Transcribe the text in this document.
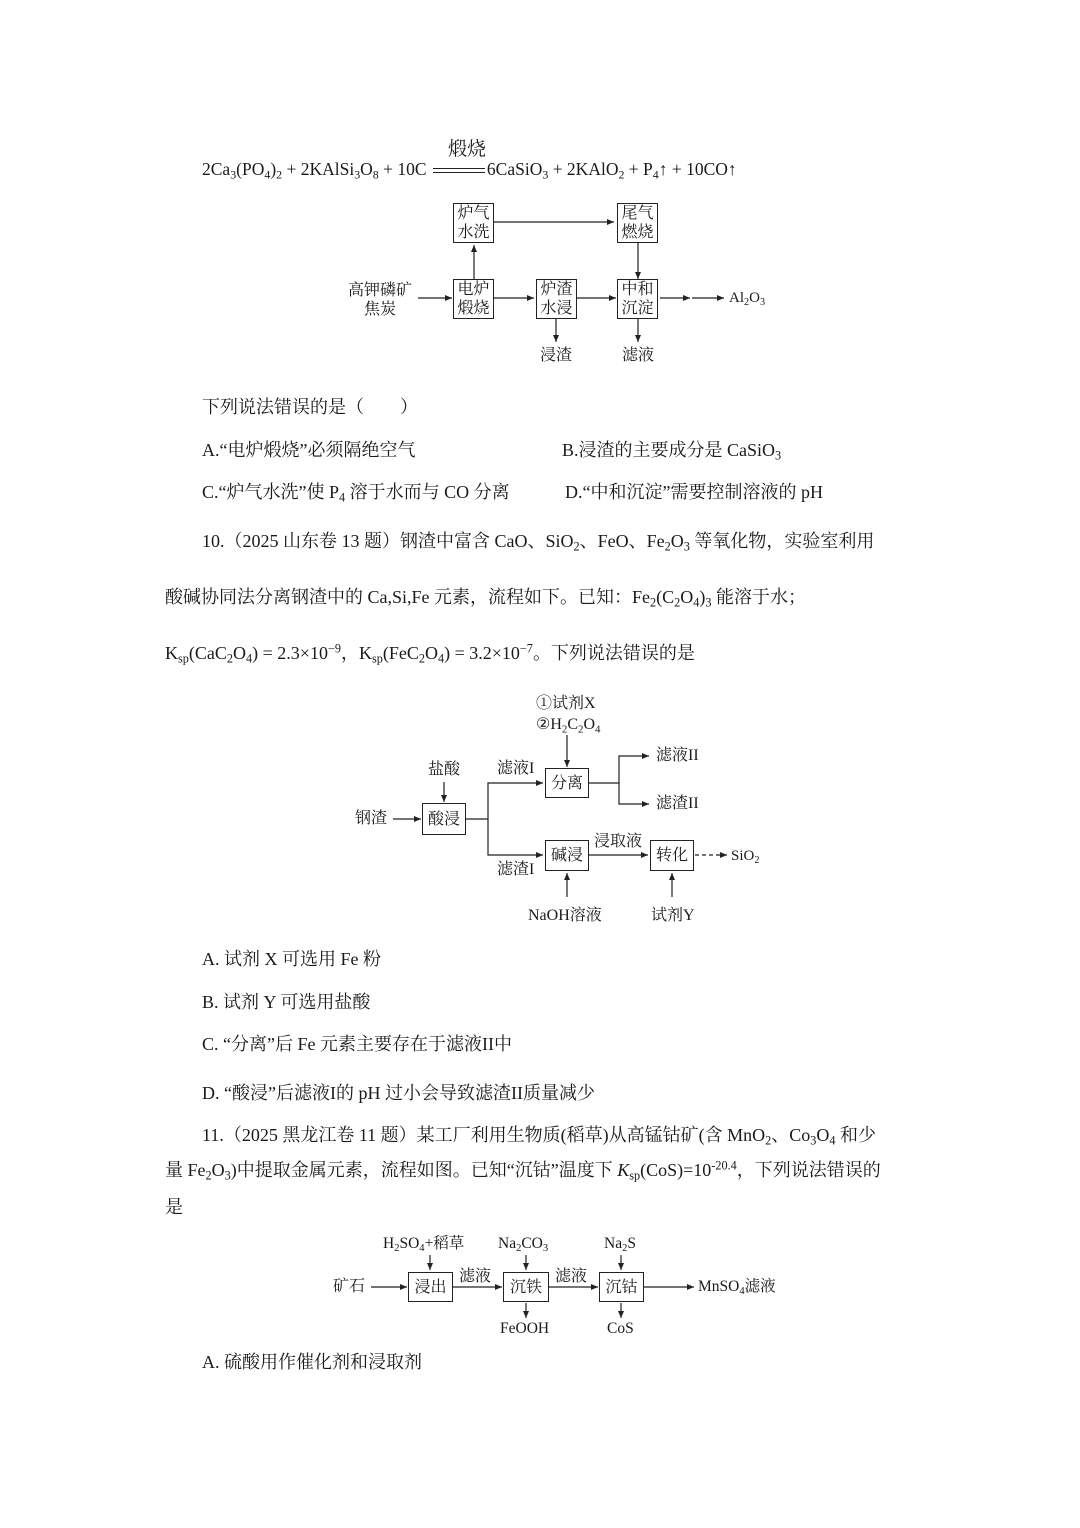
$2Ca_3(PO_4)_2$ + $2KAlSi_3O_8 + 10C$	6CaSiO$_3$ + 2KAlO$_2$ + $P_4↑$ + 10CO↑
煅烧
高钾磷矿
焦炭
炉气
水洗
尾气
燃烧
电炉
煅烧
炉渣
水浸
中和
沉淀
$Al_2O_3$
浸渣	滤液
下列说法错误的是（　　）
A.“电炉煅烧”必须隔绝空气	B.浸渣的主要成分是 CaSiO$_3$
C.“炉气水洗”使 $P_4$ 溶于水而与 CO 分离	D.“中和沉淀”需要控制溶液的 pH
10.（2025 山东卷 13 题）钢渣中富含 CaO、SiO$_2$、FeO、$Fe_2O_3$ 等氧化物，实验室利用
酸碱协同法分离钢渣中的 Ca,Si,Fe 元素，流程如下。已知：$Fe_2(C_2O_4)_3$ 能溶于水；
$K_{sp}(CaC_2O_4) = 2.3\times 10^{-9}$，$K_{sp}(FeC_2O_4) = 3.2\times 10^{-7}$。下列说法错误的是
①试剂X
$②H_2C_2O_4$
盐酸
钢渣	酸浸
滤液I
分离
滤液II
滤渣II
滤渣I
碱浸
浸取液
转化	SiO$_2$
NaOH溶液	试剂Y
A. 试剂 X 可选用 Fe 粉
B. 试剂 Y 可选用盐酸
C. “分离”后 Fe 元素主要存在于滤液II中
D. “酸浸”后滤液I的 pH 过小会导致滤渣II质量减少
11.（2025 黑龙江卷 11 题）某工厂利用生物质(稻草)从高锰钴矿(含 MnO$_2$、$Co_3O_4$ 和少
量 $Fe_2O_3$)中提取金属元素，流程如图。已知“沉钴”温度下 $K_{sp}(CoS)=10^{-20.4}$，下列说法错误的
是
$H_2SO_4+$稻草 $Na_2CO_3$	$Na_2S$
矿石	浸出
滤液
沉铁
滤液
沉钴	MnSO$_4$滤液
FeOOH	CoS
A. 硫酸用作催化剂和浸取剂
